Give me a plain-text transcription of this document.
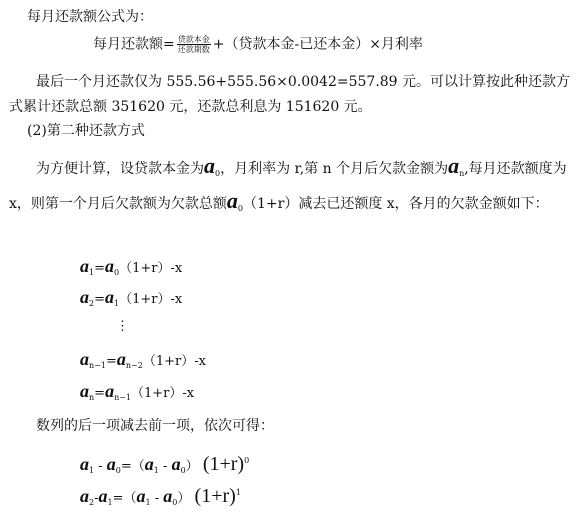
每月还款额公式为：
每月还款额= $\frac{\text{贷款本金}}{\text{还款期数}}$ +（贷款本金-已还本金）×月利率
最后一个月还款仅为 555.56+555.56×0.0042=557.89 元。可以计算按此种还款方式累计还款总额 351620 元，还款总利息为 151620 元。
(2)第二种还款方式
为方便计算，设贷款本金为$a_0$，月利率为 r,第 n 个月后欠款金额为$a_n$,每月还款额度为 x，则第一个月后欠款额为欠款总额$a_0(1+r)$减去已还额度 x，各月的欠款金额如下：
$a_1=a_0(1+r)-x$
$a_2=a_1(1+r)-x$
⋮
$a_{n-1}=a_{n-2}(1+r)-x$
$a_n=a_{n-1}(1+r)-x$
数列的后一项减去前一项，依次可得：
$a_1 - a_0=(a_1 - a_0)$ $(1+r)^0$
$a_2-a_1=(a_1 - a_0)$ $(1+r)^1$
